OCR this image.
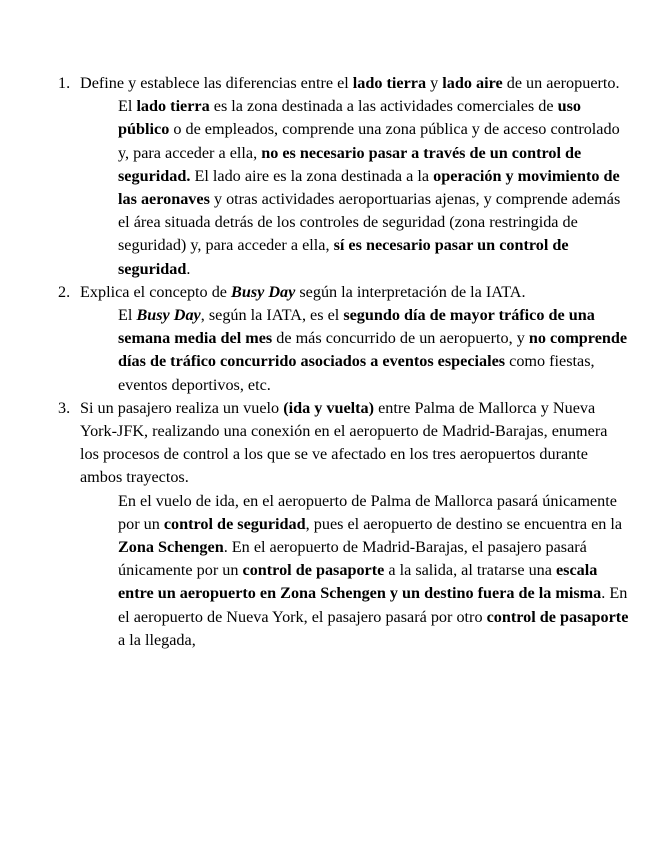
1. Define y establece las diferencias entre el lado tierra y lado aire de un aeropuerto.
El lado tierra es la zona destinada a las actividades comerciales de uso público o de empleados, comprende una zona pública y de acceso controlado y, para acceder a ella, no es necesario pasar a través de un control de seguridad. El lado aire es la zona destinada a la operación y movimiento de las aeronaves y otras actividades aeroportuarias ajenas, y comprende además el área situada detrás de los controles de seguridad (zona restringida de seguridad) y, para acceder a ella, sí es necesario pasar un control de seguridad.
2. Explica el concepto de Busy Day según la interpretación de la IATA.
El Busy Day, según la IATA, es el segundo día de mayor tráfico de una semana media del mes de más concurrido de un aeropuerto, y no comprende días de tráfico concurrido asociados a eventos especiales como fiestas, eventos deportivos, etc.
3. Si un pasajero realiza un vuelo (ida y vuelta) entre Palma de Mallorca y Nueva York-JFK, realizando una conexión en el aeropuerto de Madrid-Barajas, enumera los procesos de control a los que se ve afectado en los tres aeropuertos durante ambos trayectos.
En el vuelo de ida, en el aeropuerto de Palma de Mallorca pasará únicamente por un control de seguridad, pues el aeropuerto de destino se encuentra en la Zona Schengen. En el aeropuerto de Madrid-Barajas, el pasajero pasará únicamente por un control de pasaporte a la salida, al tratarse una escala entre un aeropuerto en Zona Schengen y un destino fuera de la misma. En el aeropuerto de Nueva York, el pasajero pasará por otro control de pasaporte a la llegada,
